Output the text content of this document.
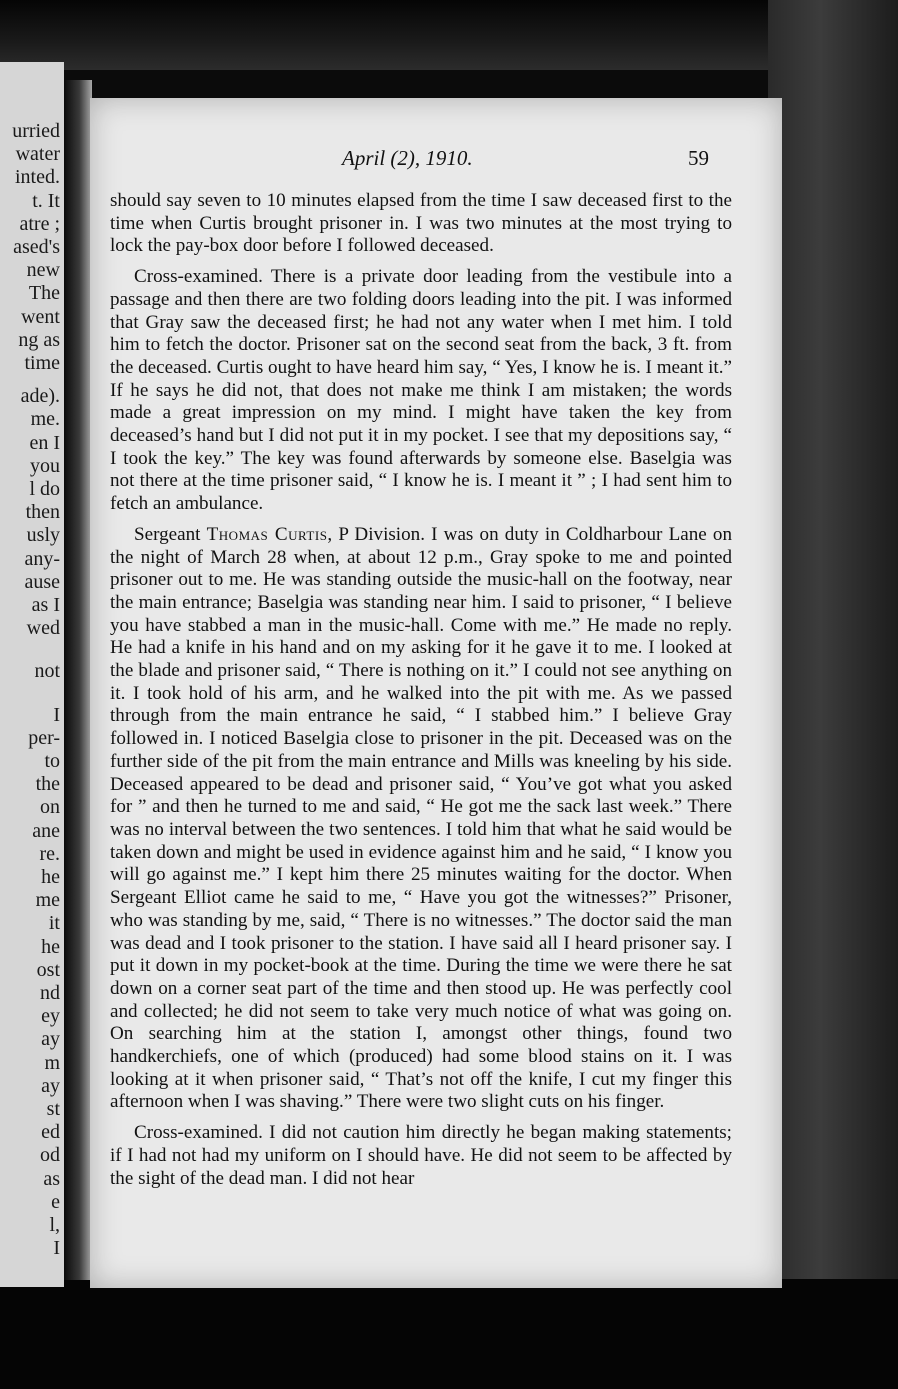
urried
water
inted.
t. It
atre ;
ased's
new
The
went
ng as
time
ade).
me.
en I
you
l do
then
usly
any-
ause
as I
wed
not
I
per-
to
the
on
ane
re.
he
me
it
he
ost
nd
ey
ay
m
ay
st
ed
od
as
e
l,
I
April (2), 1910.	59

should say seven to 10 minutes elapsed from the time I saw deceased first to the time when Curtis brought prisoner in. I was two minutes at the most trying to lock the pay-box door before I followed deceased.

Cross-examined. There is a private door leading from the vestibule into a passage and then there are two folding doors leading into the pit. I was informed that Gray saw the deceased first; he had not any water when I met him. I told him to fetch the doctor. Prisoner sat on the second seat from the back, 3 ft. from the deceased. Curtis ought to have heard him say, “ Yes, I know he is. I meant it.” If he says he did not, that does not make me think I am mistaken; the words made a great impression on my mind. I might have taken the key from deceased’s hand but I did not put it in my pocket. I see that my depositions say, “ I took the key.” The key was found afterwards by someone else. Baselgia was not there at the time prisoner said, “ I know he is. I meant it ” ; I had sent him to fetch an ambulance.

Sergeant Thomas Curtis, P Division. I was on duty in Coldharbour Lane on the night of March 28 when, at about 12 p.m., Gray spoke to me and pointed prisoner out to me. He was standing outside the music-hall on the footway, near the main entrance; Baselgia was standing near him. I said to prisoner, “ I believe you have stabbed a man in the music-hall. Come with me.” He made no reply. He had a knife in his hand and on my asking for it he gave it to me. I looked at the blade and prisoner said, “ There is nothing on it.” I could not see anything on it. I took hold of his arm, and he walked into the pit with me. As we passed through from the main entrance he said, “ I stabbed him.” I believe Gray followed in. I noticed Baselgia close to prisoner in the pit. Deceased was on the further side of the pit from the main entrance and Mills was kneeling by his side. Deceased appeared to be dead and prisoner said, “ You’ve got what you asked for ” and then he turned to me and said, “ He got me the sack last week.” There was no interval between the two sentences. I told him that what he said would be taken down and might be used in evidence against him and he said, “ I know you will go against me.” I kept him there 25 minutes waiting for the doctor. When Sergeant Elliot came he said to me, “ Have you got the witnesses?” Prisoner, who was standing by me, said, “ There is no witnesses.” The doctor said the man was dead and I took prisoner to the station. I have said all I heard prisoner say. I put it down in my pocket-book at the time. During the time we were there he sat down on a corner seat part of the time and then stood up. He was perfectly cool and collected; he did not seem to take very much notice of what was going on. On searching him at the station I, amongst other things, found two handkerchiefs, one of which (produced) had some blood stains on it. I was looking at it when prisoner said, “ That’s not off the knife, I cut my finger this afternoon when I was shaving.” There were two slight cuts on his finger.

Cross-examined. I did not caution him directly he began making statements; if I had not had my uniform on I should have. He did not seem to be affected by the sight of the dead man. I did not hear
